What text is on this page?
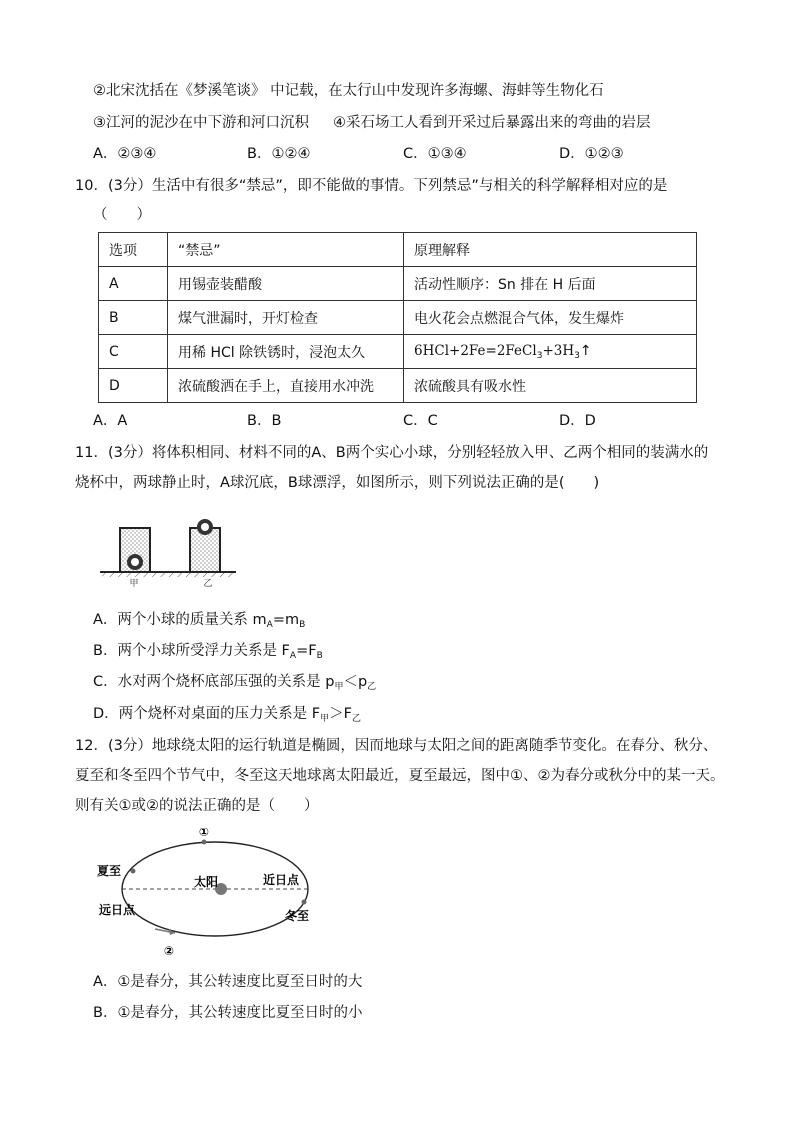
②北宋沈括在《梦溪笔谈》 中记载，在太行山中发现许多海螺、海蚌等生物化石
③江河的泥沙在中下游和河口沉积 ④采石场工人看到开采过后暴露出来的弯曲的岩层
A．②③④	B．①②④	C．①③④	D．①②③
10．(3分）生活中有很多“禁忌”，即不能做的事情。下列禁忌”与相关的科学解释相对应的是
（　　）
选项	“禁忌”	原理解释
A	用锡壶装醋酸	活动性顺序：Sn 排在 H 后面
B	煤气泄漏时，开灯检查	电火花会点燃混合气体，发生爆炸
C	用稀 HCl 除铁锈时，浸泡太久	$6HCl+2Fe=2FeCl_3+3H_3↑$
D	浓硫酸洒在手上，直接用水冲洗	浓硫酸具有吸水性
A．A	B．B	C．C	D．D
11．(3分）将体积相同、材料不同的A、B两个实心小球，分别轻轻放入甲、乙两个相同的装满水的
烧杯中，两球静止时，A球沉底，B球漂浮，如图所示，则下列说法正确的是(　　)
甲	乙
A．两个小球的质量关系 $m_A=m_B$
B．两个小球所受浮力关系是 $F_A=F_B$
C．水对两个烧杯底部压强的关系是 $p_甲<p_乙$
D．两个烧杯对桌面的压力关系是 $F_甲>F_乙$
12．(3分）地球绕太阳的运行轨道是椭圆，因而地球与太阳之间的距离随季节变化。在春分、秋分、
夏至和冬至四个节气中，冬至这天地球离太阳最近，夏至最远，图中①、②为春分或秋分中的某一天。
则有关①或②的说法正确的是（　　）
①
夏至
远日点
太阳	近日点
冬至
②
A．①是春分，其公转速度比夏至日时的大
B．①是春分，其公转速度比夏至日时的小
